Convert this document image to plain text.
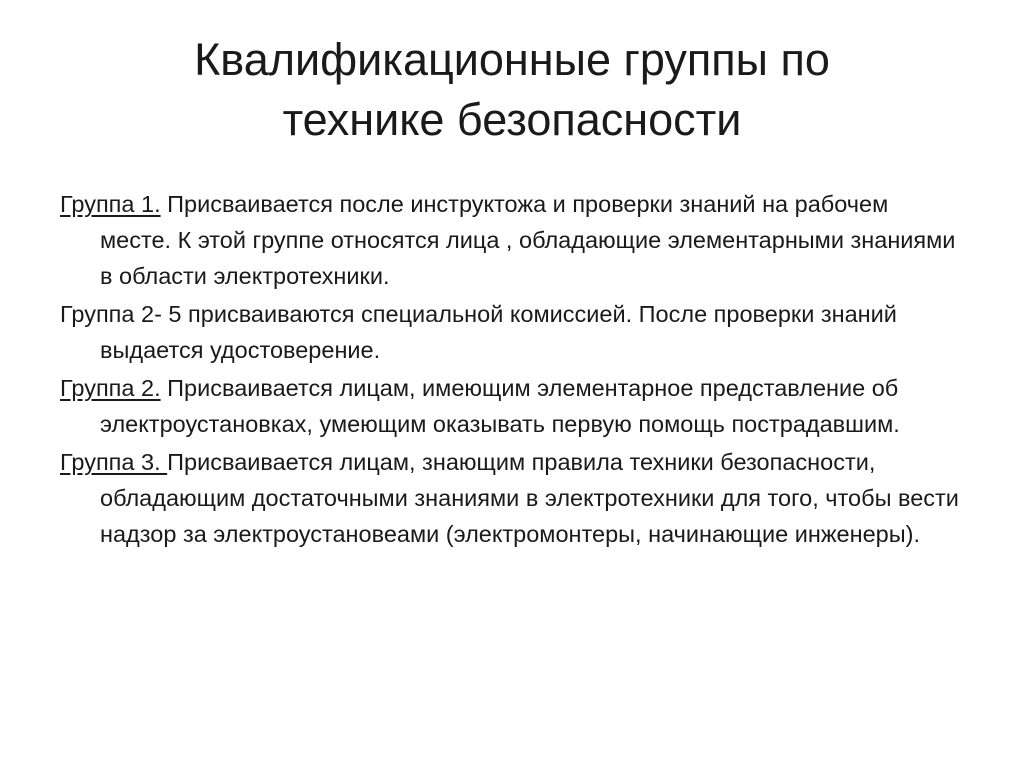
Квалификационные группы по
технике безопасности

Группа 1. Присваивается после инструктожа и проверки знаний на рабочем месте. К этой группе относятся лица , обладающие элементарными знаниями в области электротехники.

Группа 2- 5 присваиваются специальной комиссией. После проверки знаний выдается удостоверение.

Группа 2. Присваивается лицам, имеющим элементарное представление об электроустановках, умеющим оказывать первую помощь пострадавшим.

Группа 3. Присваивается лицам, знающим правила техники безопасности, обладающим достаточными знаниями в электротехники для того, чтобы вести надзор за электроустановеами (электромонтеры, начинающие инженеры).
